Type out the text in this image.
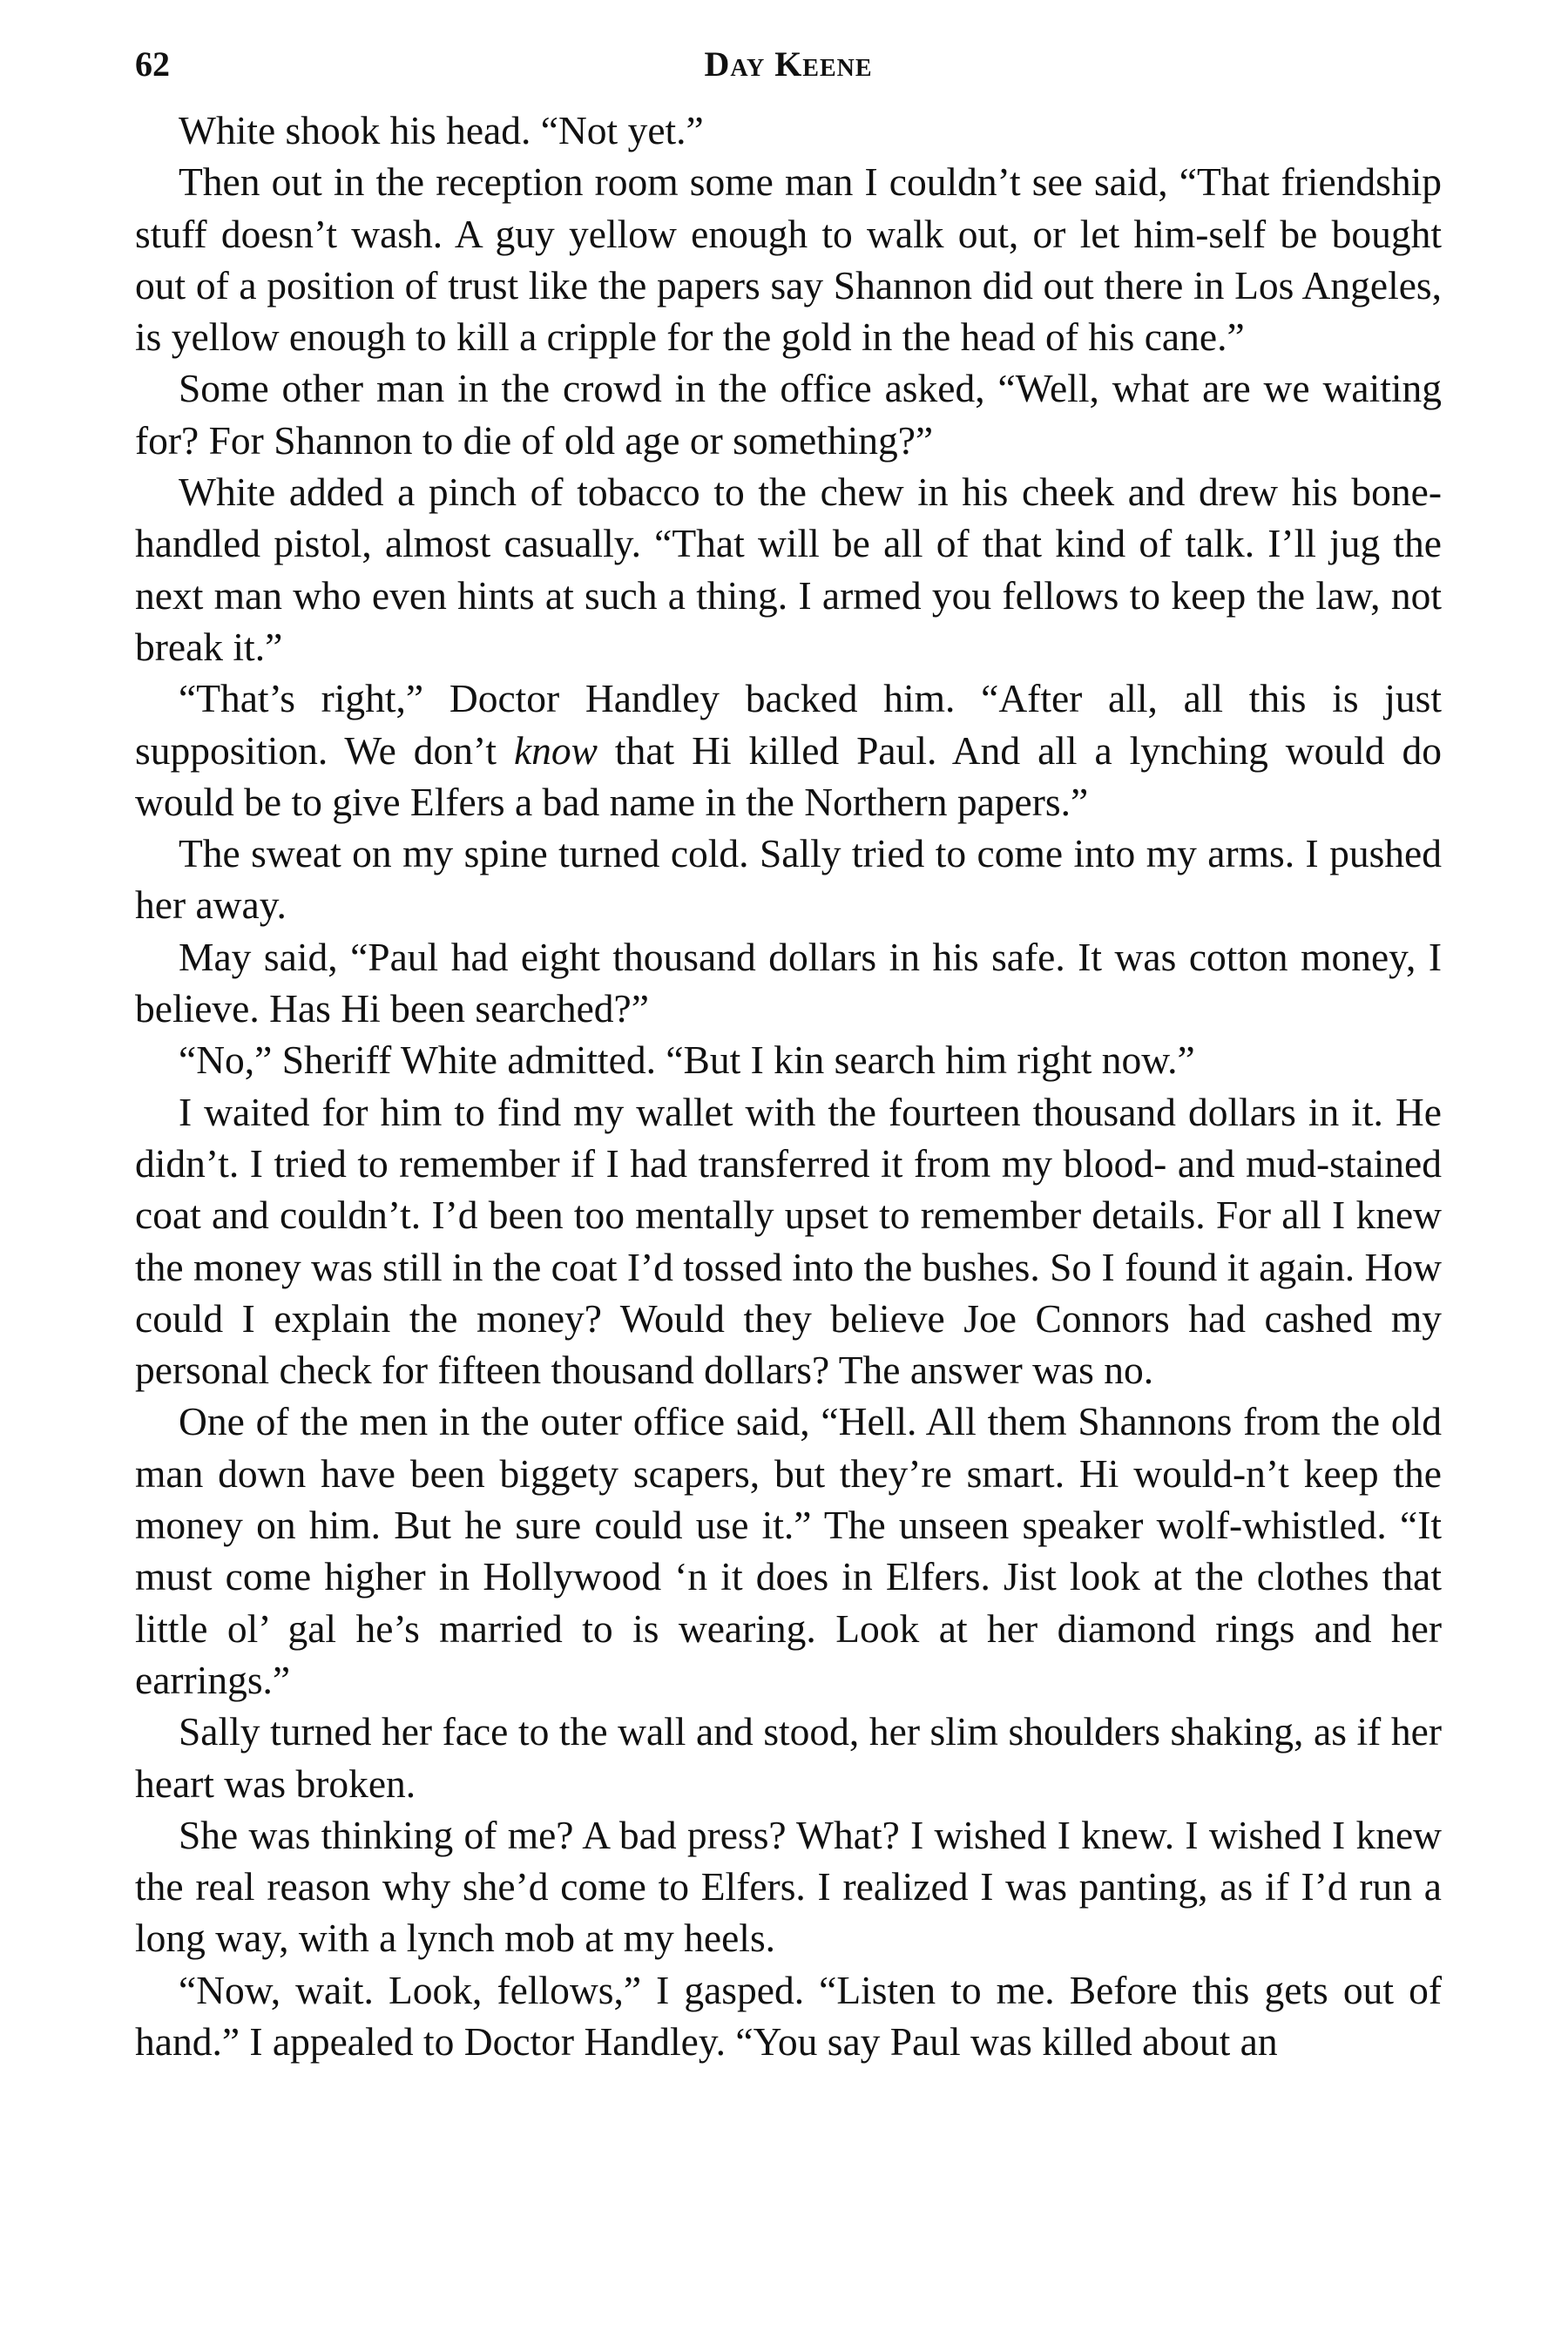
62	Day Keene

White shook his head. “Not yet.”

Then out in the reception room some man I couldn’t see said, “That friendship stuff doesn’t wash. A guy yellow enough to walk out, or let him-self be bought out of a position of trust like the papers say Shannon did out there in Los Angeles, is yellow enough to kill a cripple for the gold in the head of his cane.”

Some other man in the crowd in the office asked, “Well, what are we waiting for? For Shannon to die of old age or something?”

White added a pinch of tobacco to the chew in his cheek and drew his bone-handled pistol, almost casually. “That will be all of that kind of talk. I’ll jug the next man who even hints at such a thing. I armed you fellows to keep the law, not break it.”

“That’s right,” Doctor Handley backed him. “After all, all this is just supposition. We don’t know that Hi killed Paul. And all a lynching would do would be to give Elfers a bad name in the Northern papers.”

The sweat on my spine turned cold. Sally tried to come into my arms. I pushed her away.

May said, “Paul had eight thousand dollars in his safe. It was cotton money, I believe. Has Hi been searched?”

“No,” Sheriff White admitted. “But I kin search him right now.”

I waited for him to find my wallet with the fourteen thousand dollars in it. He didn’t. I tried to remember if I had transferred it from my blood- and mud-stained coat and couldn’t. I’d been too mentally upset to remember details. For all I knew the money was still in the coat I’d tossed into the bushes. So I found it again. How could I explain the money? Would they believe Joe Connors had cashed my personal check for fifteen thousand dollars? The answer was no.

One of the men in the outer office said, “Hell. All them Shannons from the old man down have been biggety scapers, but they’re smart. Hi would-n’t keep the money on him. But he sure could use it.” The unseen speaker wolf-whistled. “It must come higher in Hollywood ‘n it does in Elfers. Jist look at the clothes that little ol’ gal he’s married to is wearing. Look at her diamond rings and her earrings.”

Sally turned her face to the wall and stood, her slim shoulders shaking, as if her heart was broken.

She was thinking of me? A bad press? What? I wished I knew. I wished I knew the real reason why she’d come to Elfers. I realized I was panting, as if I’d run a long way, with a lynch mob at my heels.

“Now, wait. Look, fellows,” I gasped. “Listen to me. Before this gets out of hand.” I appealed to Doctor Handley. “You say Paul was killed about an
